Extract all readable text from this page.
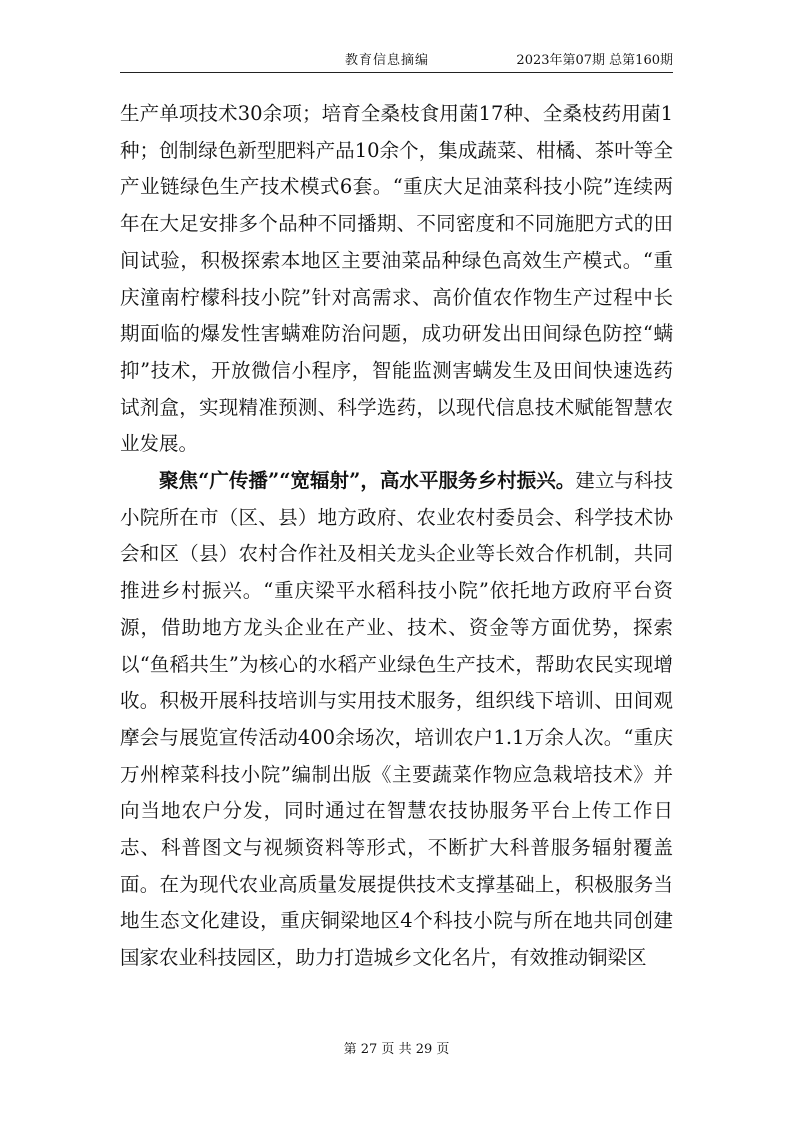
教育信息摘编	2023年第07期 总第160期

生产单项技术30余项；培育全桑枝食用菌17种、全桑枝药用菌1种；创制绿色新型肥料产品10余个，集成蔬菜、柑橘、茶叶等全产业链绿色生产技术模式6套。“重庆大足油菜科技小院”连续两年在大足安排多个品种不同播期、不同密度和不同施肥方式的田间试验，积极探索本地区主要油菜品种绿色高效生产模式。“重庆潼南柠檬科技小院”针对高需求、高价值农作物生产过程中长期面临的爆发性害螨难防治问题，成功研发出田间绿色防控“螨抑”技术，开放微信小程序，智能监测害螨发生及田间快速选药试剂盒，实现精准预测、科学选药，以现代信息技术赋能智慧农业发展。

聚焦“广传播”“宽辐射”，高水平服务乡村振兴。建立与科技小院所在市（区、县）地方政府、农业农村委员会、科学技术协会和区（县）农村合作社及相关龙头企业等长效合作机制，共同推进乡村振兴。“重庆梁平水稻科技小院”依托地方政府平台资源，借助地方龙头企业在产业、技术、资金等方面优势，探索以“鱼稻共生”为核心的水稻产业绿色生产技术，帮助农民实现增收。积极开展科技培训与实用技术服务，组织线下培训、田间观摩会与展览宣传活动400余场次，培训农户1.1万余人次。“重庆万州榨菜科技小院”编制出版《主要蔬菜作物应急栽培技术》并向当地农户分发，同时通过在智慧农技协服务平台上传工作日志、科普图文与视频资料等形式，不断扩大科普服务辐射覆盖面。在为现代农业高质量发展提供技术支撑基础上，积极服务当地生态文化建设，重庆铜梁地区4个科技小院与所在地共同创建国家农业科技园区，助力打造城乡文化名片，有效推动铜梁区

第 27 页 共 29 页
